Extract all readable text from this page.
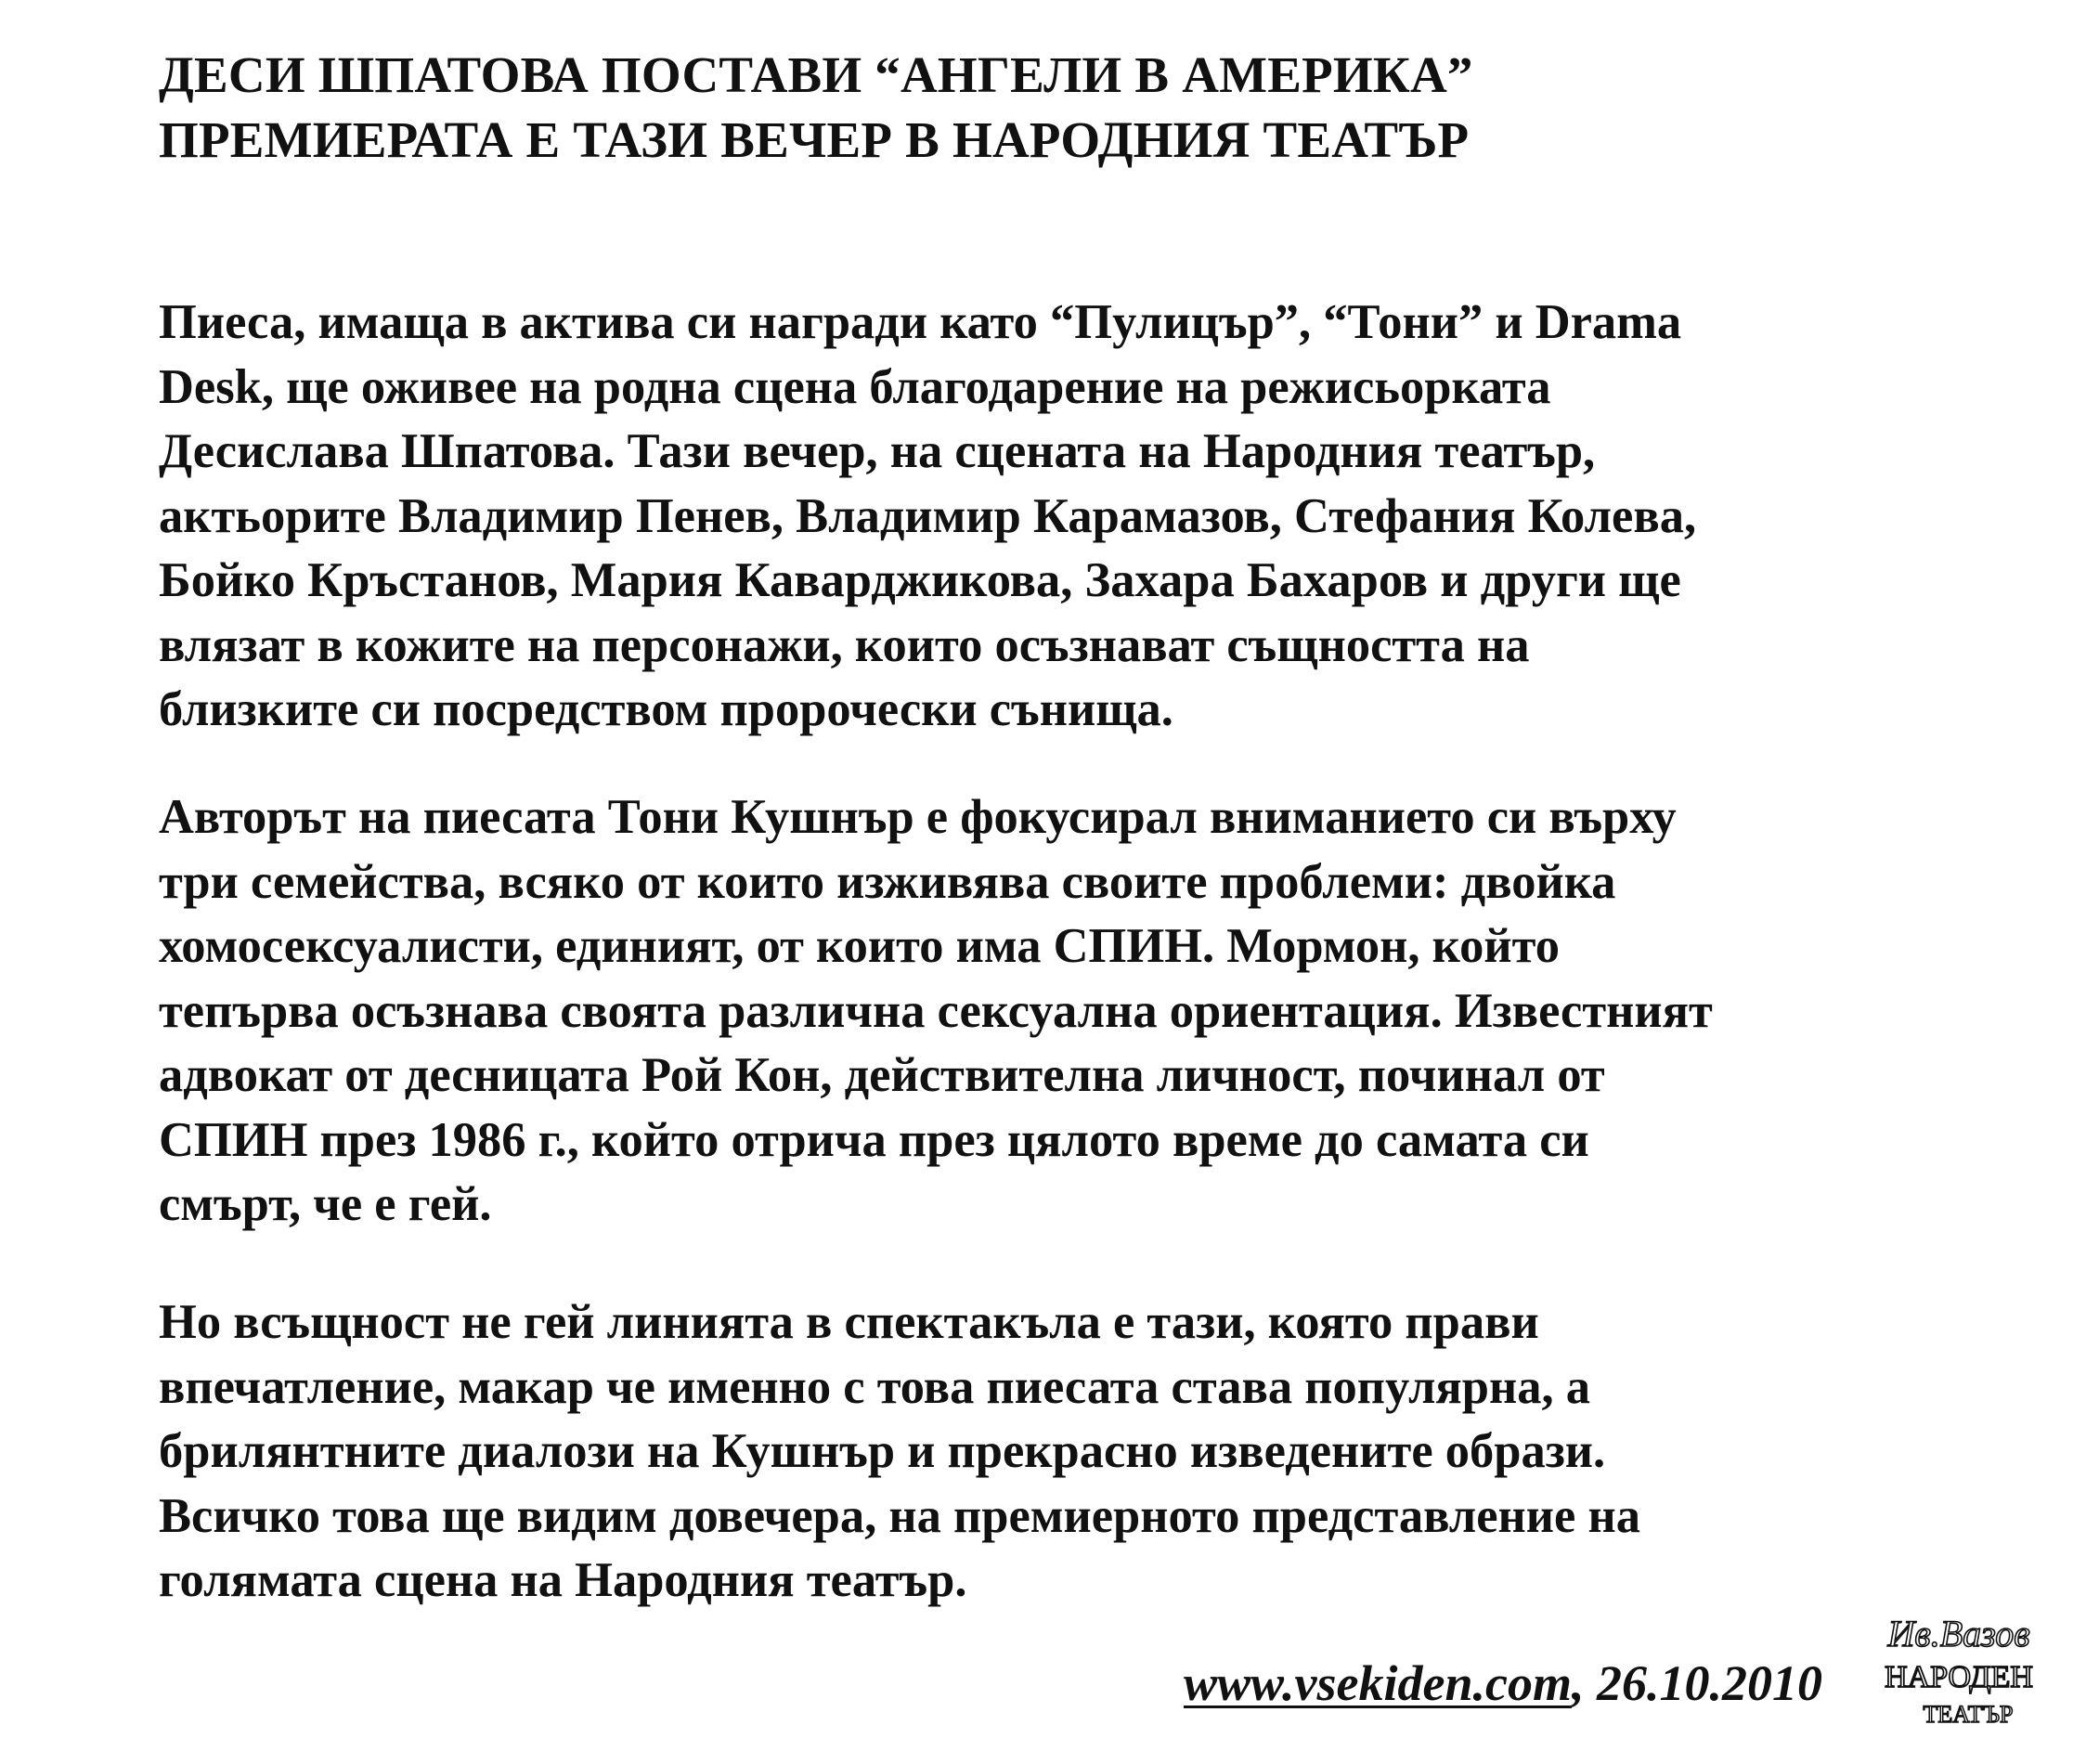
ДЕСИ ШПАТОВА ПОСТАВИ “АНГЕЛИ В АМЕРИКА”
ПРЕМИЕРАТА Е ТАЗИ ВЕЧЕР В НАРОДНИЯ ТЕАТЪР

Пиеса, имаща в актива си награди като “Пулицър”, “Тони” и Drama
Desk, ще оживее на родна сцена благодарение на режисьорката
Десислава Шпатова. Тази вечер, на сцената на Народния театър,
актьорите Владимир Пенев, Владимир Карамазов, Стефания Колева,
Бойко Кръстанов, Мария Каварджикова, Захара Бахаров и други ще
влязат в кожите на персонажи, които осъзнават същността на
близките си посредством пророчески сънища.

Авторът на пиесата Тони Кушнър е фокусирал вниманието си върху
три семейства, всяко от които изживява своите проблеми: двойка
хомосексуалисти, единият, от които има СПИН. Мормон, който
тепърва осъзнава своята различна сексуална ориентация. Известният
адвокат от десницата Рой Кон, действителна личност, починал от
СПИН през 1986 г., който отрича през цялото време до самата си
смърт, че е гей.

Но всъщност не гей линията в спектакъла е тази, която прави
впечатление, макар че именно с това пиесата става популярна, а
брилянтните диалози на Кушнър и прекрасно изведените образи.
Всичко това ще видим довечера, на премиерното представление на
голямата сцена на Народния театър.

www.vsekiden.com, 26.10.2010
Ив.Вазов
НАРОДЕН
ТЕАТЪР
